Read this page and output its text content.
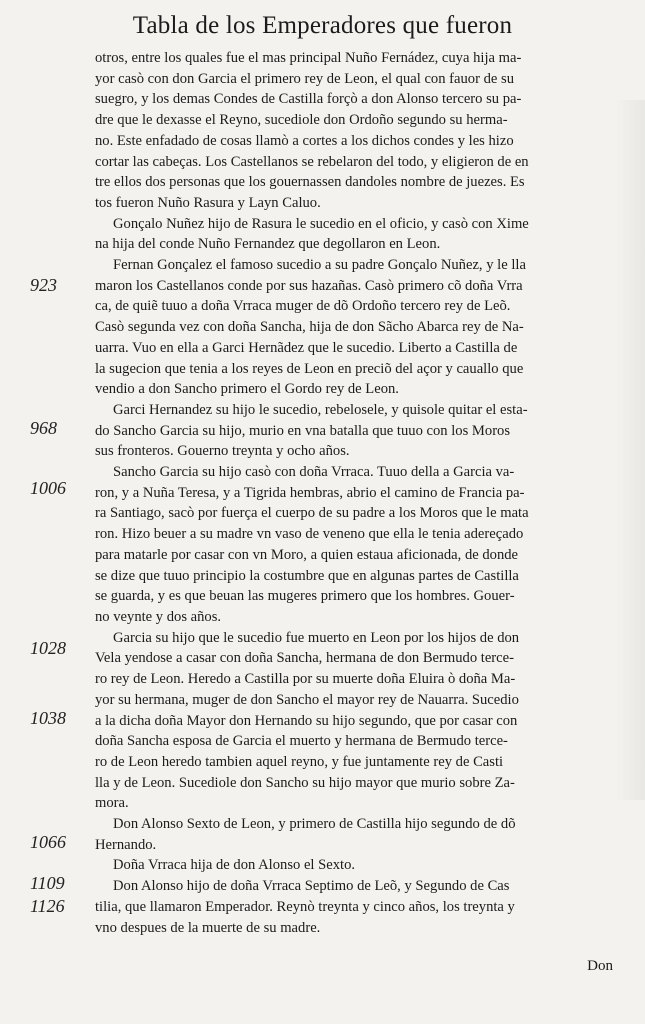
Tabla de los Emperadores que fueron
923
968
1006
1028
1038
1066
1109
1126
otros, entre los quales fue el mas principal Nuño Fernádez, cuya hija ma-
yor casò con don Garcia el primero rey de Leon, el qual con fauor de su
suegro, y los demas Condes de Castilla forçò a don Alonso tercero su pa-
dre que le dexasse el Reyno, sucediole don Ordoño segundo su herma-
no. Este enfadado de cosas llamò a cortes a los dichos condes y les hizo
cortar las cabeças. Los Castellanos se rebelaron del todo, y eligieron de en
tre ellos dos personas que los gouernassen dandoles nombre de juezes. Es
tos fueron Nuño Rasura y Layn Caluo.
Gonçalo Nuñez hijo de Rasura le sucedio en el oficio, y casò con Xime
na hija del conde Nuño Fernandez que degollaron en Leon.
Fernan Gonçalez el famoso sucedio a su padre Gonçalo Nuñez, y le lla
maron los Castellanos conde por sus hazañas. Casò primero cõ doña Vrra
ca, de quiẽ tuuo a doña Vrraca muger de dõ Ordoño tercero rey de Leõ.
Casò segunda vez con doña Sancha, hija de don Sãcho Abarca rey de Na-
uarra. Vuo en ella a Garci Hernãdez que le sucedio. Liberto a Castilla de
la sugecion que tenia a los reyes de Leon en preciõ del açor y cauallo que
vendio a don Sancho primero el Gordo rey de Leon.
Garci Hernandez su hijo le sucedio, rebelosele, y quisole quitar el esta-
do Sancho Garcia su hijo, murio en vna batalla que tuuo con los Moros
sus fronteros. Gouerno treynta y ocho años.
Sancho Garcia su hijo casò con doña Vrraca. Tuuo della a Garcia va-
ron, y a Nuña Teresa, y a Tigrida hembras, abrio el camino de Francia pa-
ra Santiago, sacò por fuerça el cuerpo de su padre a los Moros que le mata
ron. Hizo beuer a su madre vn vaso de veneno que ella le tenia adereçado
para matarle por casar con vn Moro, a quien estaua aficionada, de donde
se dize que tuuo principio la costumbre que en algunas partes de Castilla
se guarda, y es que beuan las mugeres primero que los hombres. Gouer-
no veynte y dos años.
Garcia su hijo que le sucedio fue muerto en Leon por los hijos de don
Vela yendose a casar con doña Sancha, hermana de don Bermudo terce-
ro rey de Leon. Heredo a Castilla por su muerte doña Eluira ò doña Ma-
yor su hermana, muger de don Sancho el mayor rey de Nauarra. Sucedio
a la dicha doña Mayor don Hernando su hijo segundo, que por casar con
doña Sancha esposa de Garcia el muerto y hermana de Bermudo terce-
ro de Leon heredo tambien aquel reyno, y fue juntamente rey de Casti
lla y de Leon. Sucediole don Sancho su hijo mayor que murio sobre Za-
mora.
Don Alonso Sexto de Leon, y primero de Castilla hijo segundo de dõ
Hernando.
Doña Vrraca hija de don Alonso el Sexto.
Don Alonso hijo de doña Vrraca Septimo de Leõ, y Segundo de Cas
tilia, que llamaron Emperador. Reynò treynta y cinco años, los treynta y
vno despues de la muerte de su madre.
Don
